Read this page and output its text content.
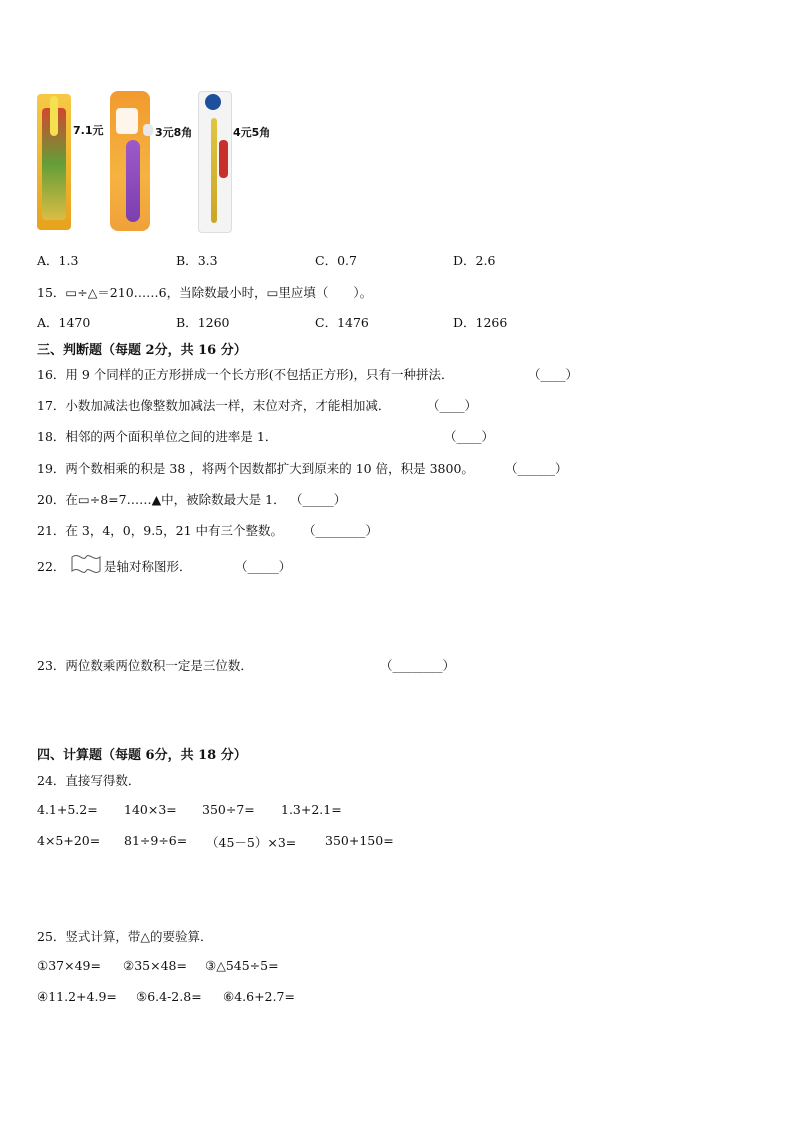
7.1元	3元8角	4元5角
A．1.3	B．3.3	C．0.7	D．2.6
15．▭÷△＝210……6，当除数最小时，▭里应填（　　）。
A．1470	B．1260	C．1476	D．1266
三、判断题（每题 2分，共 16 分）
16．用 9 个同样的正方形拼成一个长方形(不包括正方形)，只有一种拼法．	（____）
17．小数加减法也像整数加减法一样，末位对齐，才能相加减．	（____）
18．相邻的两个面积单位之间的进率是 1．	（____）
19．两个数相乘的积是 38 ，将两个因数都扩大到原来的 10 倍，积是 3800。 （______）
20．在▭÷8=7……▲中，被除数最大是 1． （_____）
21．在 3，4，0，9.5，21 中有三个整数。 （________）
22．	是轴对称图形．	（_____）
23．两位数乘两位数积一定是三位数．	（________）
四、计算题（每题 6分，共 18 分）
24．直接写得数．
4.1+5.2= 140×3= 350÷7= 1.3+2.1=
4×5+20= 81÷9÷6= （45－5）×3= 350+150=
25．竖式计算，带△的要验算．
①37×49= ②35×48= ③△545÷5=
④11.2+4.9= ⑤6.4-2.8= ⑥4.6+2.7=
